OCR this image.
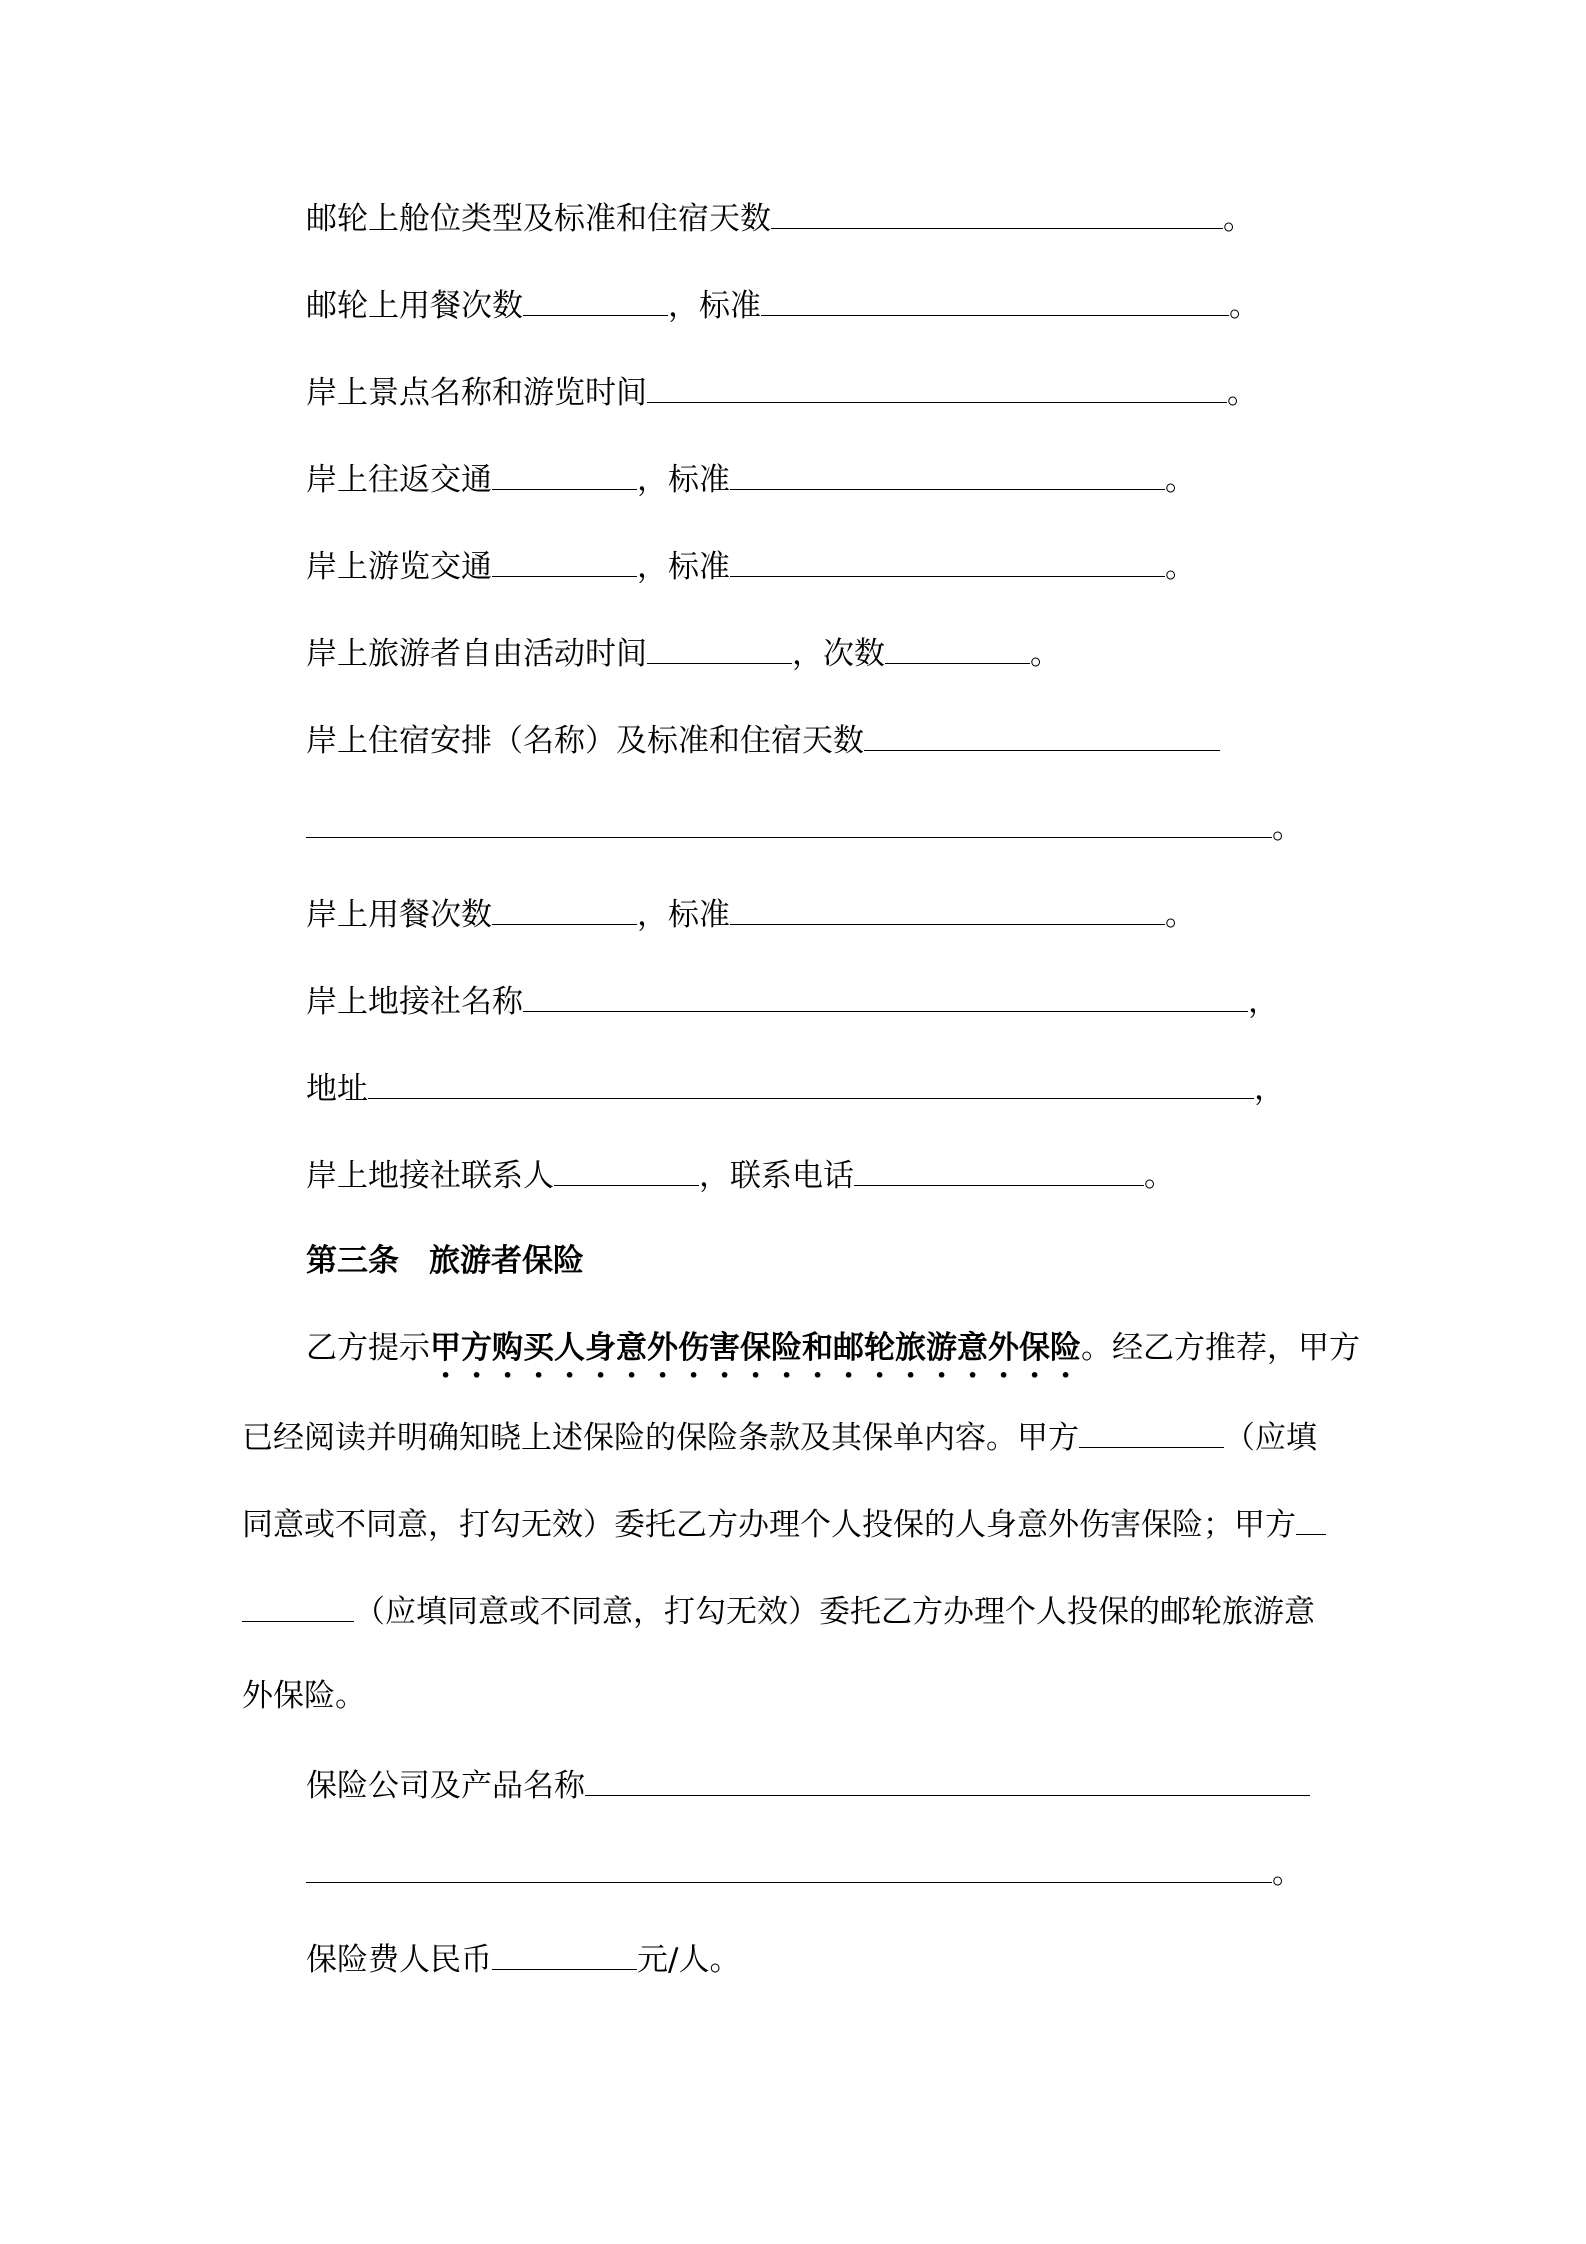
邮轮上舱位类型及标准和住宿天数	。
邮轮上用餐次数	，标准	。
岸上景点名称和游览时间	。
岸上往返交通	，标准	。
岸上游览交通	，标准	。
岸上旅游者自由活动时间	，次数	。
岸上住宿安排（名称）及标准和住宿天数
。
岸上用餐次数	，标准	。
岸上地接社名称	，
地址	，
岸上地接社联系人	，联系电话	。
第三条 旅游者保险
乙方提示甲方购买人身意外伤害保险和邮轮旅游意外保险。经乙方推荐，甲方
已经阅读并明确知晓上述保险的保险条款及其保单内容。甲方	（应填
同意或不同意，打勾无效）委托乙方办理个人投保的人身意外伤害保险；甲方
（应填同意或不同意，打勾无效）委托乙方办理个人投保的邮轮旅游意
外保险。
保险公司及产品名称
。
保险费人民币	元/人。
